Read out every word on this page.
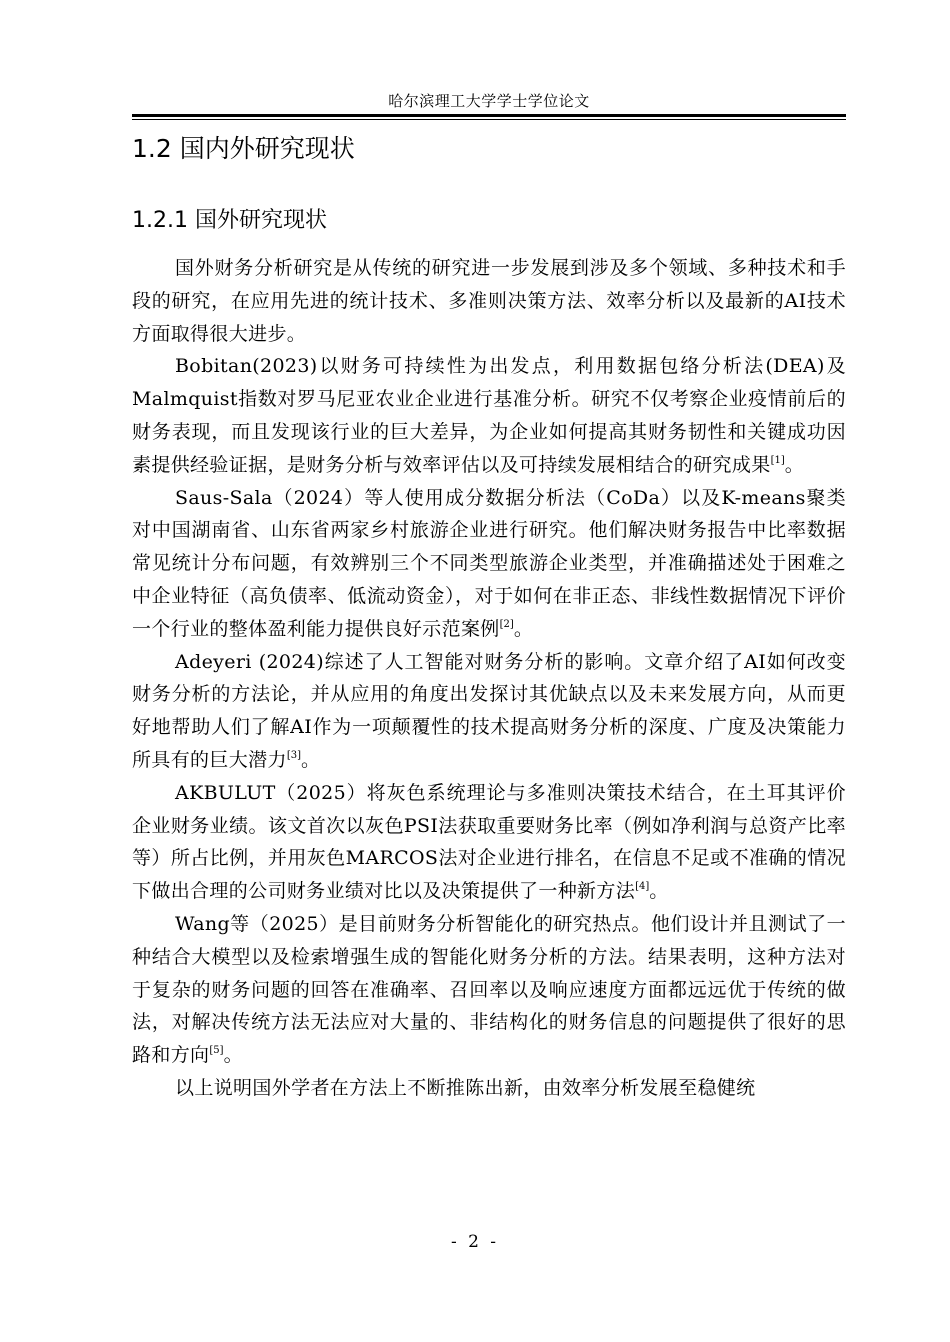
哈尔滨理工大学学士学位论文
1.2 国内外研究现状
1.2.1 国外研究现状

国外财务分析研究是从传统的研究进一步发展到涉及多个领域、多种技术和手段的研究，在应用先进的统计技术、多准则决策方法、效率分析以及最新的AI技术方面取得很大进步。

Bobitan(2023)以财务可持续性为出发点，利用数据包络分析法(DEA)及Malmquist指数对罗马尼亚农业企业进行基准分析。研究不仅考察企业疫情前后的财务表现，而且发现该行业的巨大差异，为企业如何提高其财务韧性和关键成功因素提供经验证据，是财务分析与效率评估以及可持续发展相结合的研究成果[1]。

Saus-Sala（2024）等人使用成分数据分析法（CoDa）以及K-means聚类对中国湖南省、山东省两家乡村旅游企业进行研究。他们解决财务报告中比率数据常见统计分布问题，有效辨别三个不同类型旅游企业类型，并准确描述处于困难之中企业特征（高负债率、低流动资金），对于如何在非正态、非线性数据情况下评价一个行业的整体盈利能力提供良好示范案例[2]。

Adeyeri (2024)综述了人工智能对财务分析的影响。文章介绍了AI如何改变财务分析的方法论，并从应用的角度出发探讨其优缺点以及未来发展方向，从而更好地帮助人们了解AI作为一项颠覆性的技术提高财务分析的深度、广度及决策能力所具有的巨大潜力[3]。

AKBULUT（2025）将灰色系统理论与多准则决策技术结合，在土耳其评价企业财务业绩。该文首次以灰色PSI法获取重要财务比率（例如净利润与总资产比率等）所占比例，并用灰色MARCOS法对企业进行排名，在信息不足或不准确的情况下做出合理的公司财务业绩对比以及决策提供了一种新方法[4]。

Wang等（2025）是目前财务分析智能化的研究热点。他们设计并且测试了一种结合大模型以及检索增强生成的智能化财务分析的方法。结果表明，这种方法对于复杂的财务问题的回答在准确率、召回率以及响应速度方面都远远优于传统的做法，对解决传统方法无法应对大量的、非结构化的财务信息的问题提供了很好的思路和方向[5]。

以上说明国外学者在方法上不断推陈出新，由效率分析发展至稳健统

- 2 -
